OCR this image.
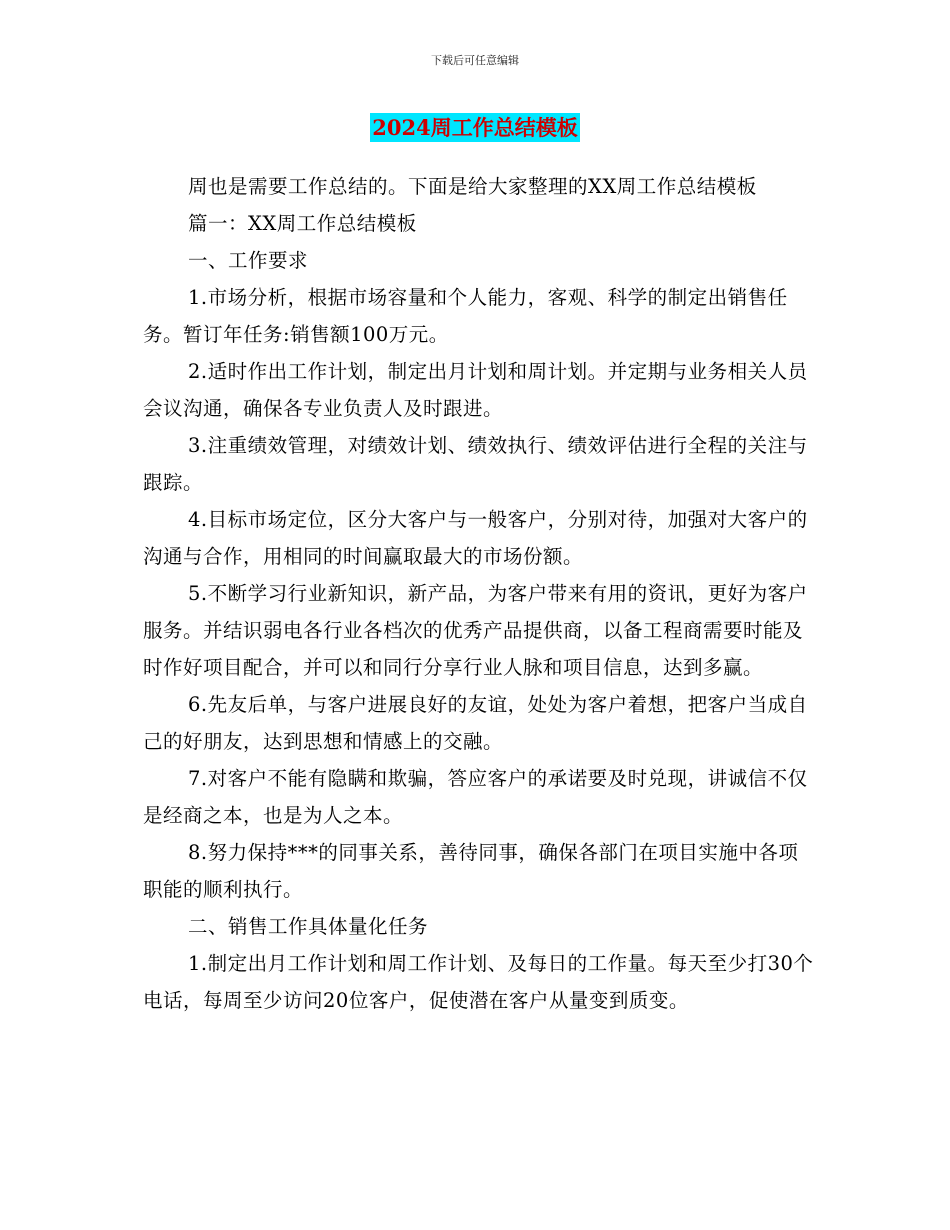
下载后可任意编辑
2024周工作总结模板

周也是需要工作总结的。下面是给大家整理的XX周工作总结模板

篇一：XX周工作总结模板

一、工作要求

1.市场分析，根据市场容量和个人能力，客观、科学的制定出销售任务。暂订年任务:销售额100万元。

2.适时作出工作计划，制定出月计划和周计划。并定期与业务相关人员会议沟通，确保各专业负责人及时跟进。

3.注重绩效管理，对绩效计划、绩效执行、绩效评估进行全程的关注与跟踪。

4.目标市场定位，区分大客户与一般客户，分别对待，加强对大客户的沟通与合作，用相同的时间赢取最大的市场份额。

5.不断学习行业新知识，新产品，为客户带来有用的资讯，更好为客户服务。并结识弱电各行业各档次的优秀产品提供商，以备工程商需要时能及时作好项目配合，并可以和同行分享行业人脉和项目信息，达到多赢。

6.先友后单，与客户进展良好的友谊，处处为客户着想，把客户当成自己的好朋友，达到思想和情感上的交融。

7.对客户不能有隐瞒和欺骗，答应客户的承诺要及时兑现，讲诚信不仅是经商之本，也是为人之本。

8.努力保持***的同事关系，善待同事，确保各部门在项目实施中各项职能的顺利执行。

二、销售工作具体量化任务

1.制定出月工作计划和周工作计划、及每日的工作量。每天至少打30个电话，每周至少访问20位客户，促使潜在客户从量变到质变。
